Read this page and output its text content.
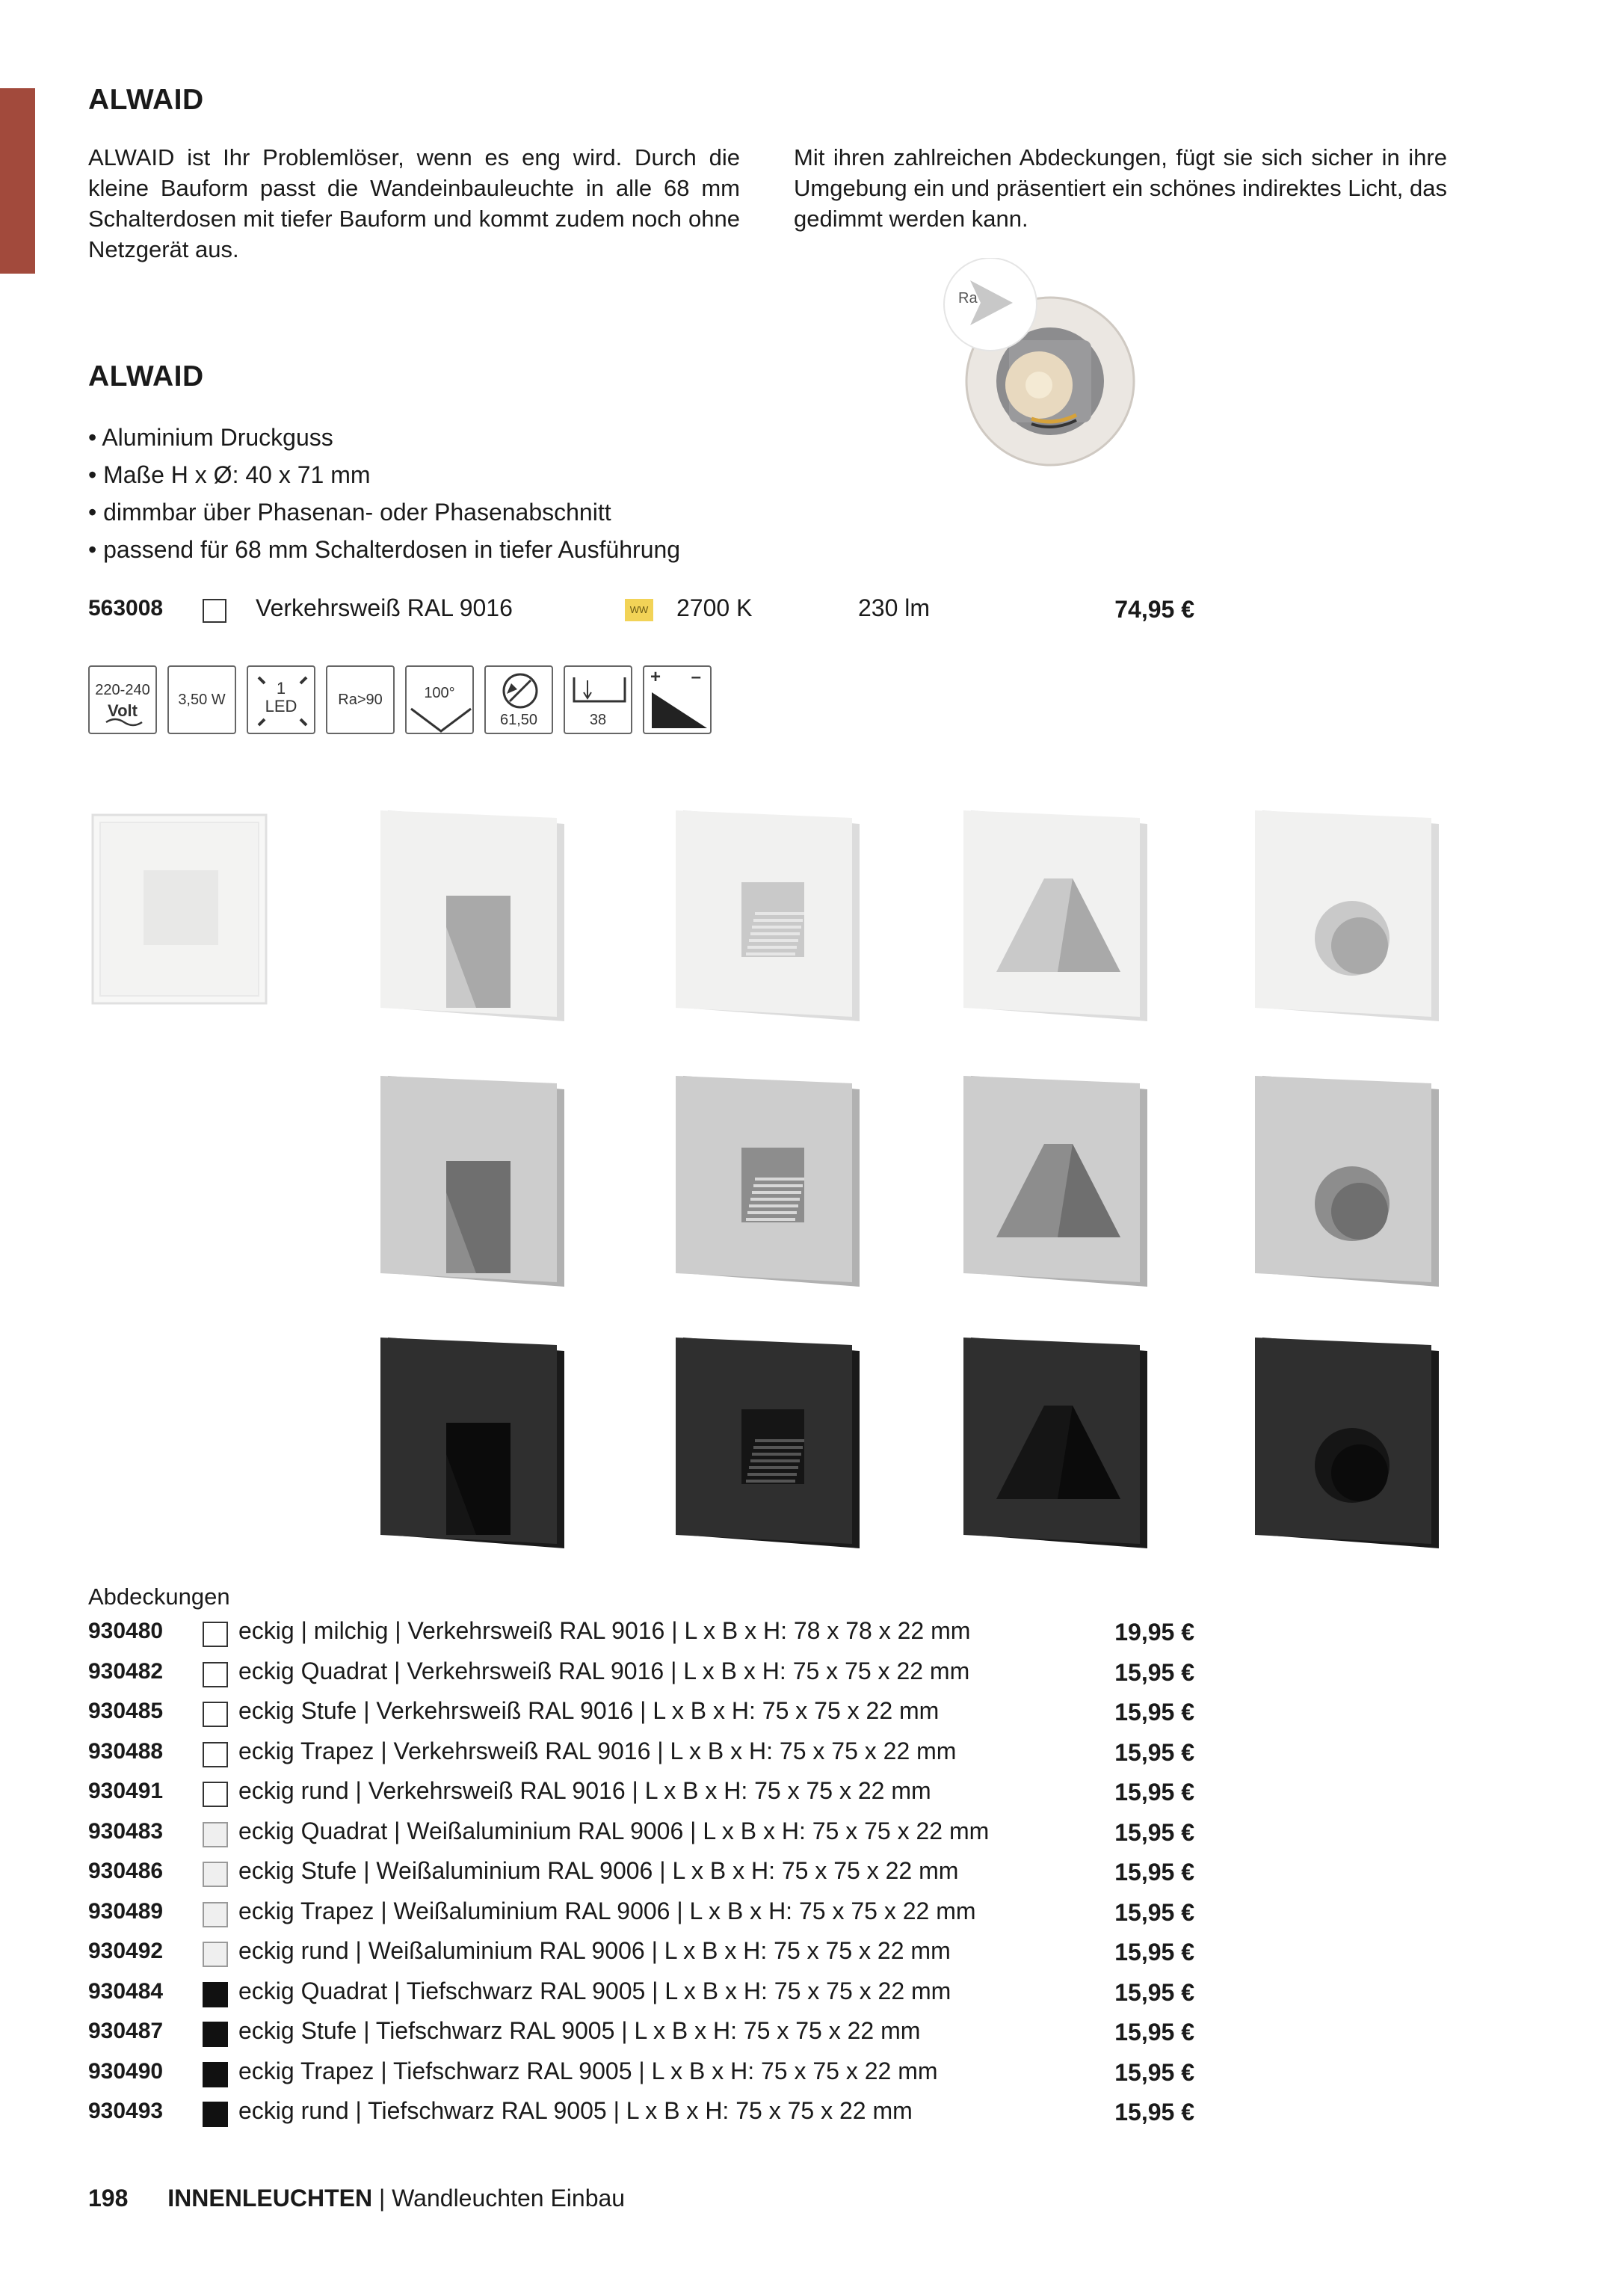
ALWAID
ALWAID ist Ihr Problemlöser, wenn es eng wird. Durch die kleine Bauform passt die Wandeinbauleuchte in alle 68 mm Schalterdosen mit tiefer Bauform und kommt zudem noch ohne Netzgerät aus.
Mit ihren zahlreichen Abdeckungen, fügt sie sich sicher in ihre Umgebung ein und präsentiert ein schönes indirektes Licht, das gedimmt werden kann.
Ra
ALWAID
• Aluminium Druckguss
• Maße H x Ø: 40 x 71 mm
• dimmbar über Phasenan- oder Phasenabschnitt
• passend für 68 mm Schalterdosen in tiefer Ausführung
563008	Verkehrsweiß RAL 9016	WW 2700 K	230 lm	74,95 €
220-240
Volt
3,50 W
1
LED	Ra>90	100°
61,50	38
+ –
Abdeckungen
930480	eckig | milchig | Verkehrsweiß RAL 9016 | L x B x H: 78 x 78 x 22 mm	19,95 €
930482	eckig Quadrat | Verkehrsweiß RAL 9016 | L x B x H: 75 x 75 x 22 mm	15,95 €
930485	eckig Stufe | Verkehrsweiß RAL 9016 | L x B x H: 75 x 75 x 22 mm	15,95 €
930488	eckig Trapez | Verkehrsweiß RAL 9016 | L x B x H: 75 x 75 x 22 mm	15,95 €
930491	eckig rund | Verkehrsweiß RAL 9016 | L x B x H: 75 x 75 x 22 mm	15,95 €
930483	eckig Quadrat | Weißaluminium RAL 9006 | L x B x H: 75 x 75 x 22 mm	15,95 €
930486	eckig Stufe | Weißaluminium RAL 9006 | L x B x H: 75 x 75 x 22 mm	15,95 €
930489	eckig Trapez | Weißaluminium RAL 9006 | L x B x H: 75 x 75 x 22 mm	15,95 €
930492	eckig rund | Weißaluminium RAL 9006 | L x B x H: 75 x 75 x 22 mm	15,95 €
930484	eckig Quadrat | Tiefschwarz RAL 9005 | L x B x H: 75 x 75 x 22 mm	15,95 €
930487	eckig Stufe | Tiefschwarz RAL 9005 | L x B x H: 75 x 75 x 22 mm	15,95 €
930490	eckig Trapez | Tiefschwarz RAL 9005 | L x B x H: 75 x 75 x 22 mm	15,95 €
930493	eckig rund | Tiefschwarz RAL 9005 | L x B x H: 75 x 75 x 22 mm	15,95 €
198 INNENLEUCHTEN | Wandleuchten Einbau
